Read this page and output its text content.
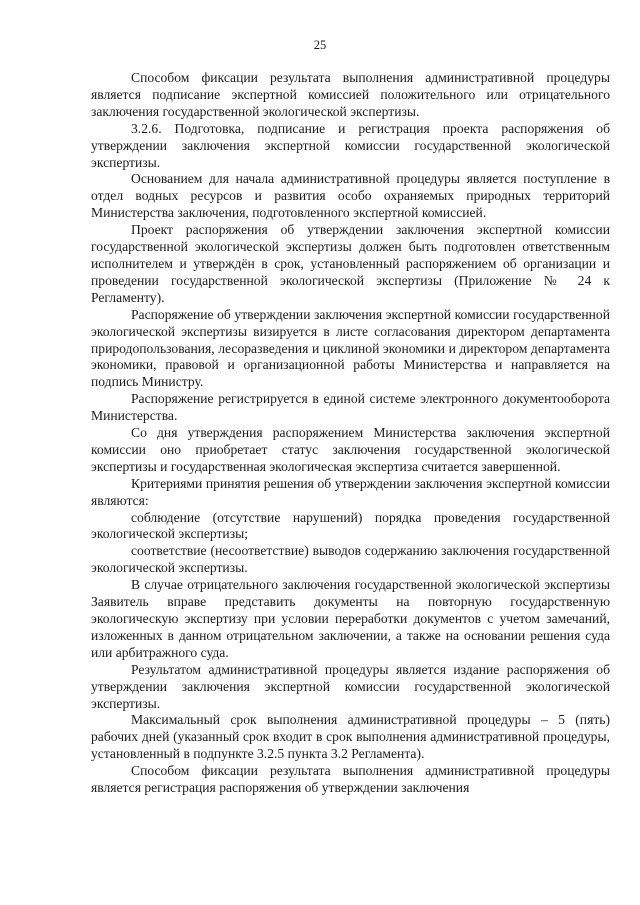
25

Способом фиксации результата выполнения административной процедуры является подписание экспертной комиссией положительного или отрицательного заключения государственной экологической экспертизы.

3.2.6. Подготовка, подписание и регистрация проекта распоряжения об утверждении заключения экспертной комиссии государственной экологической экспертизы.

Основанием для начала административной процедуры является поступление в отдел водных ресурсов и развития особо охраняемых природных территорий Министерства заключения, подготовленного экспертной комиссией.

Проект распоряжения об утверждении заключения экспертной комиссии государственной экологической экспертизы должен быть подготовлен ответственным исполнителем и утверждён в срок, установленный распоряжением об организации и проведении государственной экологической экспертизы (Приложение № 24 к Регламенту).

Распоряжение об утверждении заключения экспертной комиссии государственной экологической экспертизы визируется в листе согласования директором департамента природопользования, лесоразведения и циклиной экономики и директором департамента экономики, правовой и организационной работы Министерства и направляется на подпись Министру.

Распоряжение регистрируется в единой системе электронного документооборота Министерства.

Со дня утверждения распоряжением Министерства заключения экспертной комиссии оно приобретает статус заключения государственной экологической экспертизы и государственная экологическая экспертиза считается завершенной.

Критериями принятия решения об утверждении заключения экспертной комиссии являются:

соблюдение (отсутствие нарушений) порядка проведения государственной экологической экспертизы;

соответствие (несоответствие) выводов содержанию заключения государственной экологической экспертизы.

В случае отрицательного заключения государственной экологической экспертизы Заявитель вправе представить документы на повторную государственную экологическую экспертизу при условии переработки документов с учетом замечаний, изложенных в данном отрицательном заключении, а также на основании решения суда или арбитражного суда.

Результатом административной процедуры является издание распоряжения об утверждении заключения экспертной комиссии государственной экологической экспертизы.

Максимальный срок выполнения административной процедуры – 5 (пять) рабочих дней (указанный срок входит в срок выполнения административной процедуры, установленный в подпункте 3.2.5 пункта 3.2 Регламента).

Способом фиксации результата выполнения административной процедуры является регистрация распоряжения об утверждении заключения
